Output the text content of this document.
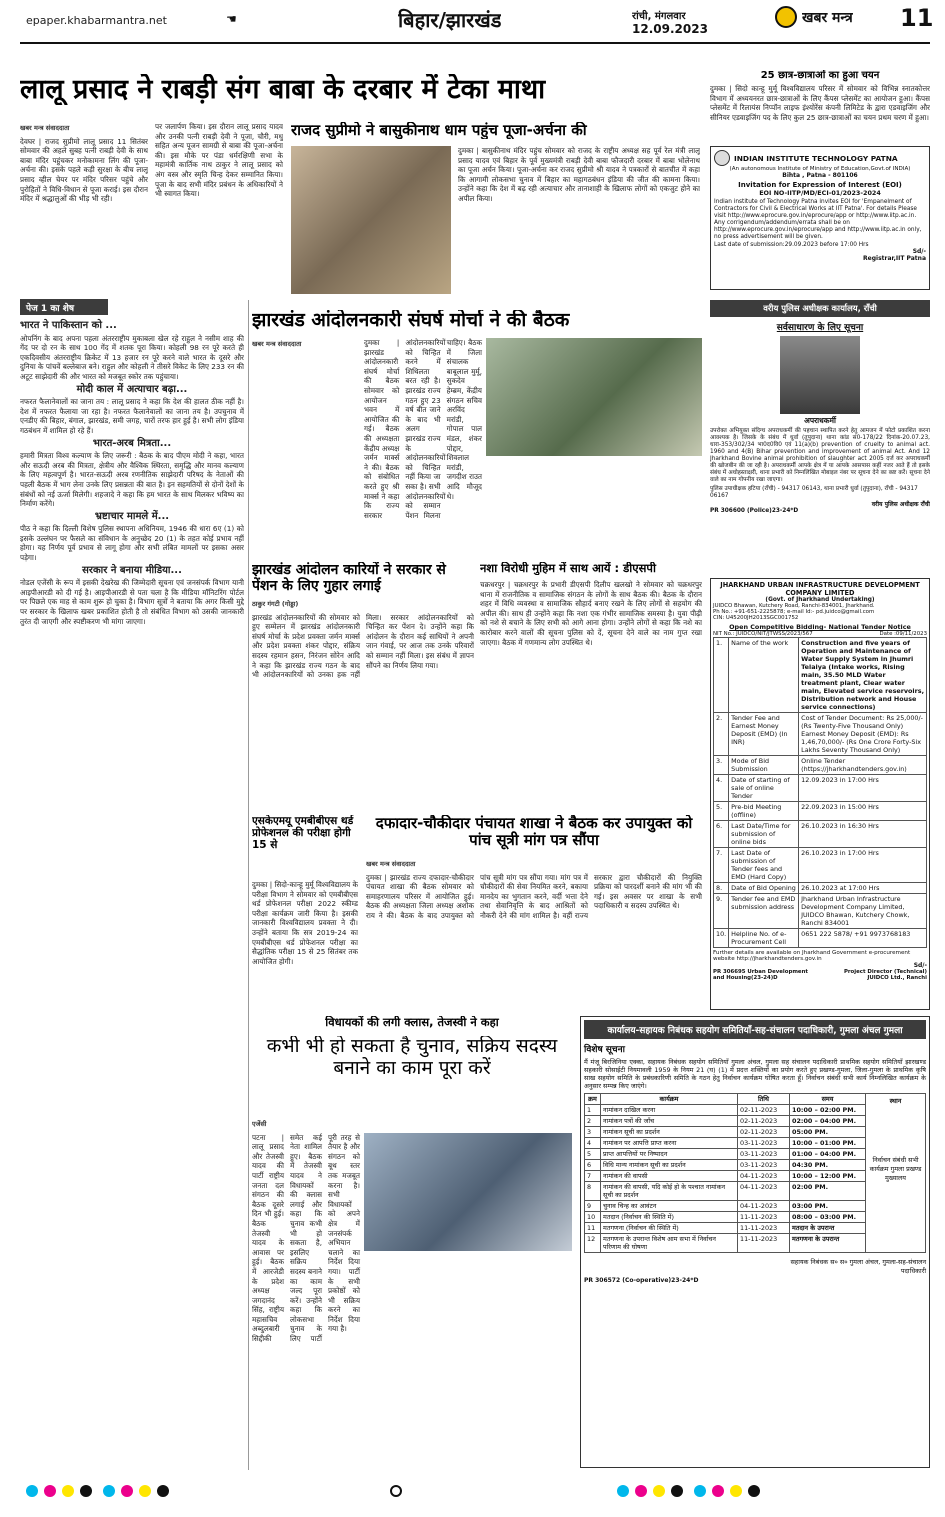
epaper.khabarmantra.net	☚	बिहार/झारखंड	रांची, मंगलवार
12.09.2023
खबर मन्त्र 11
लालू प्रसाद ने राबड़ी संग बाबा के दरबार में टेका माथा
खबर मन्त्र संवाददाता

देवघर | राजद सुप्रीमो लालू प्रसाद 11 सितंबर सोमवार की अहले सुबह पत्नी राबड़ी देवी के साथ बाबा मंदिर पहुंचकर मनोकामना लिंग की पूजा-अर्चना की। इसके पहले कड़ी सुरक्षा के बीच लालू प्रसाद व्हील चेयर पर मंदिर परिसर पहुंचे और पुरोहितों ने विधि-विधान से पूजा कराई। इस दौरान मंदिर में श्रद्धालुओं की भीड़ भी रही।

पर जलार्पण किया। इस दौरान लालू प्रसाद यादव और उनकी पत्नी राबड़ी देवी ने पूजा, चौरी, मधु सहित अन्य पूजन सामग्री से बाबा की पूजा-अर्चना की। इस मौके पर पंडा धर्मरक्षिणी सभा के महामंत्री कार्तिक नाथ ठाकुर ने लालू प्रसाद को अंग वस्त्र और स्मृति चिन्ह देकर सम्मानित किया। पूजा के बाद सभी मंदिर प्रबंधन के अधिकारियों ने भी स्वागत किया।

राजद सुप्रीमो ने बासुकीनाथ धाम पहुंच पूजा-अर्चना की
दुमका | बासुकीनाथ मंदिर पहुंच सोमवार को राजद के राष्ट्रीय अध्यक्ष सह पूर्व रेल मंत्री लालू प्रसाद यादव एवं बिहार के पूर्व मुख्यमंत्री राबड़ी देवी बाबा फौजदारी दरबार में बाबा भोलेनाथ का पूजा अर्चन किया। पूजा-अर्चना कर राजद सुप्रीमो श्री यादव ने पत्रकारों से बातचीत में कहा कि आगामी लोकसभा चुनाव में बिहार का महागठबंधन इंडिया की जीत की कामना किया। उन्होंने कहा कि देश में बढ़ रही अत्याचार और तानाशाही के खिलाफ लोगों को एकजुट होने का अपील किया।
25 छात्र-छात्राओं का हुआ चयन
दुमका | सिदो कान्हू मुर्मू विश्वविद्यालय परिसर में सोमवार को विभिन्न स्नातकोत्तर विभाग में अध्ययनरत छात्र-छात्राओं के लिए कैंपस प्लेसमेंट का आयोजन हुआ। कैंपस प्लेसमेंट में रिलायंस निप्पॉन लाइफ इंश्योरेंस कंपनी लिमिटेड के द्वारा एडवाइजिंग और सीनियर एडवाइजिंग पद के लिए कुल 25 छात्र-छात्राओं का चयन प्रथम चरण में हुआ।
INDIAN INSTITUTE TECHNOLOGY PATNA
(An autonomous Institute of Ministry of Education,Govt.of INDIA)
Bihta , Patna - 801106
Invitation for Expression of Interest (EOI)
EOI NO-IITP/MD/ECI-01/2023-2024
Indian institute of Technology Patna invites EOI for 'Empanelment of Contractors for Civil & Electrical Works at IIT Patna'. For details Please visit http://www.eprocure.gov.in/eprocure/app or http://www.iitp.ac.in. Any corrigendum/addendum/errata shall be on http://www.eprocure.gov.in/eprocure/app and http://www.iitp.ac.in only, no press advertisement will be given.
Last date of submission:29.09.2023 before 17:00 Hrs
Sd/-
Registrar,IIT Patna
पेज 1 का शेष
भारत ने पाकिस्तान को ...

ओपनिंग के बाद अपना पहला अंतरराष्ट्रीय मुकाबला खेल रहे राहुल ने नसीम शाह की गेंद पर दो रन के साथ 100 गेंद में शतक पूरा किया। कोहली 98 रन पूरे करते ही एकदिवसीय अंतरराष्ट्रीय क्रिकेट में 13 हजार रन पूरे करने वाले भारत के दूसरे और दुनिया के पांचवें बल्लेबाज बने। राहुल और कोहली ने तीसरे विकेट के लिए 233 रन की अटूट साझेदारी की और भारत को मजबूत स्कोर तक पहुंचाया।

मोदी काल में अत्याचार बढ़ा...

नफरत फैलानेवालों का जाना तय : लालू प्रसाद ने कहा कि देश की हालत ठीक नहीं है। देश में नफरत फैलाया जा रहा है। नफरत फैलानेवालों का जाना तय है। उपचुनाव में एनडीए की बिहार, बंगाल, झारखंड, समी जगह, चारों तरफ हार हुई है। सभी लोग इंडिया गठबंधन में शामिल हो रहे हैं।

भारत-अरब मित्रता...

हमारी मित्रता विश्व कल्याण के लिए जरूरी : बैठक के बाद पीएम मोदी ने कहा, भारत और सऊदी अरब की मित्रता, क्षेत्रीय और वैश्विक स्थिरता, समृद्धि और मानव कल्याण के लिए महत्वपूर्ण है। भारत-सऊदी अरब रणनीतिक साझेदारी परिषद के नेताओं की पहली बैठक में भाग लेना उनके लिए प्रसन्नता की बात है। इन सहमतियों से दोनों देशों के संबंधों को नई ऊर्जा मिलेगी। शहजादे ने कहा कि हम भारत के साथ मिलकर भविष्य का निर्माण करेंगे।

भ्रष्टाचार मामले में...

पीठ ने कहा कि दिल्ली विशेष पुलिस स्थापना अधिनियम, 1946 की धारा 6ए (1) को इसके उल्लंघन पर फैसले का संविधान के अनुच्छेद 20 (1) के तहत कोई प्रभाव नहीं होगा। यह निर्णय पूर्व प्रभाव से लागू होगा और सभी लंबित मामलों पर इसका असर पड़ेगा।

सरकार ने बनाया मीडिया...

नोडल एजेंसी के रूप में इसकी देखरेख की जिम्मेदारी सूचना एवं जनसंपर्क विभाग यानी आइपीआरडी को दी गई है। आइपीआरडी से पता चला है कि मीडिया मॉनिटरिंग पोर्टल पर पिछले एक माह से काम शुरू हो चुका है। विभाग सूत्रों ने बताया कि अगर किसी मुद्दे पर सरकार के खिलाफ खबर प्रकाशित होती है तो संबंधित विभाग को उसकी जानकारी तुरंत दी जाएगी और स्पष्टीकरण भी मांगा जाएगा।

झारखंड आंदोलनकारी संघर्ष मोर्चा ने की बैठक
खबर मन्त्र संवाददाता	दुमका | झारखंड आंदोलनकारी संघर्ष मोर्चा की बैठक सोमवार को आयोजन भवन में आयोजित की गई। बैठक की अध्यक्षता केंद्रीय अध्यक्ष जर्मन मार्क्स ने की। बैठक को संबोधित करते हुए श्री मार्क्स ने कहा कि राज्य सरकार आंदोलनकारियों को चिन्हित करने में शिथिलता बरत रही है। झारखंड राज्य गठन हुए 23 वर्ष बीत जाने के बाद भी अलग झारखंड राज्य के आंदोलनकारियों को चिन्हित नहीं किया जा सका है। सभी आंदोलनकारियों को सम्मान पेंशन मिलना चाहिए। बैठक में जिला संचालक बाबूलाल मुर्मू, सुकदेव हेम्ब्रम, केंद्रीय संगठन सचिव अरविंद मरांडी, गोपाल पाल मंडल, शंकर पोद्दार, शिवलाल मरांडी, जगदीश राउत आदि मौजूद थे।

झारखंड आंदोलन कारियों ने सरकार से पेंशन के लिए गुहार लगाई
ठाकुर गंगटी (गोड्डा)

झारखंड आंदोलनकारियों की सोमवार को हुए सम्मेलन में झारखंड आंदोलनकारी संघर्ष मोर्चा के प्रदेश प्रवक्ता जर्मन मार्क्स और प्रदेश प्रवक्ता शंकर पोद्दार, संक्रिय सदस्य रहमान हसन, निरंजन सोरेन आदि ने कहा कि झारखंड राज्य गठन के बाद भी आंदोलनकारियों को उनका हक नहीं मिला। सरकार आंदोलनकारियों को चिन्हित कर पेंशन दे। उन्होंने कहा कि आंदोलन के दौरान कई साथियों ने अपनी जान गंवाई, पर आज तक उनके परिवारों को सम्मान नहीं मिला। इस संबंध में ज्ञापन सौंपने का निर्णय लिया गया।

नशा विरोधी मुहिम में साथ आयें : डीएसपी
चक्रधरपुर | चक्रधरपुर के प्रभारी डीएसपी दिलीप खलखो ने सोमवार को चक्रधरपुर थाना में राजनीतिक व सामाजिक संगठन के लोगों के साथ बैठक की। बैठक के दौरान शहर में विधि व्यवस्था व सामाजिक सौहार्द बनाए रखने के लिए लोगों से सहयोग की अपील की। साथ ही उन्होंने कहा कि नशा एक गंभीर सामाजिक समस्या है। युवा पीढ़ी को नशे से बचाने के लिए सभी को आगे आना होगा। उन्होंने लोगों से कहा कि नशे का कारोबार करने वालों की सूचना पुलिस को दें, सूचना देने वाले का नाम गुप्त रखा जाएगा। बैठक में गणमान्य लोग उपस्थित थे।
एसकेएमयू एमबीबीएस थर्ड प्रोफेशनल की परीक्षा होगी 15 से
दुमका | सिदो-कान्हू मुर्मू विश्वविद्यालय के परीक्षा विभाग ने सोमवार को एमबीबीएस थर्ड प्रोफेशनल परीक्षा 2022 स्कीम्ड परीक्षा कार्यक्रम जारी किया है। इसकी जानकारी विश्वविद्यालय प्रवक्ता ने दी। उन्होंने बताया कि सत्र 2019-24 का एमबीबीएस थर्ड प्रोफेशनल परीक्षा का सैद्धांतिक परीक्षा 15 से 25 सितंबर तक आयोजित होगी।
दफादार-चौकीदार पंचायत शाखा ने बैठक कर उपायुक्त को पांच सूत्री मांग पत्र सौंपा
खबर मन्त्र संवाददाता

दुमका | झारखंड राज्य दफादार-चौकीदार पंचायत शाखा की बैठक सोमवार को समाहरणालय परिसर में आयोजित हुई। बैठक की अध्यक्षता जिला अध्यक्ष अशोक राय ने की। बैठक के बाद उपायुक्त को पांच सूत्री मांग पत्र सौंपा गया। मांग पत्र में चौकीदारों की सेवा नियमित करने, बकाया मानदेय का भुगतान करने, वर्दी भत्ता देने तथा सेवानिवृत्ति के बाद आश्रितों को नौकरी देने की मांग शामिल है। वहीं राज्य सरकार द्वारा चौकीदारों की नियुक्ति प्रक्रिया को पारदर्शी बनाने की मांग भी की गई। इस अवसर पर शाखा के सभी पदाधिकारी व सदस्य उपस्थित थे।

विधायकों की लगी क्लास, तेजस्वी ने कहा
कभी भी हो सकता है चुनाव, सक्रिय सदस्य बनाने का काम पूरा करें
एजेंसी

पटना | लालू प्रसाद और तेजस्वी यादव की पार्टी राष्ट्रीय जनता दल संगठन की बैठक दूसरे दिन भी हुई। बैठक तेजस्वी यादव के आवास पर हुई। बैठक में आरजेडी के प्रदेश अध्यक्ष जगदानंद सिंह, राष्ट्रीय महासचिव अब्दुलबारी सिद्दीकी समेत कई नेता शामिल हुए। बैठक में तेजस्वी यादव ने विधायकों की क्लास लगाई और कहा कि चुनाव कभी भी हो सकता है, इसलिए सक्रिय सदस्य बनाने का काम जल्द पूरा करें। उन्होंने कहा कि लोकसभा चुनाव के लिए पार्टी पूरी तरह से तैयार है और संगठन को बूथ स्तर तक मजबूत करना है। सभी विधायकों को अपने क्षेत्र में जनसंपर्क अभियान चलाने का निर्देश दिया गया। पार्टी के सभी प्रकोष्ठों को भी सक्रिय करने का निर्देश दिया गया है।

वरीय पुलिस अधीक्षक कार्यालय, राँची
सर्वसाधारण के लिए सूचना
अपराधकर्मी
उपरोक्त अभियुक्त संदिग्ध अपराधकर्मी की पहचान स्थापित करने हेतु आमजन में फोटो प्रकाशित करना आवश्यक है। जिसके के संबंध में धुर्वा (तुपुदाना) थाना कांड सं0-178/22 दिनांक-20.07.23, धारा-353/302/34 भा0द0वि0 एवं 11(a)(b) prevention of cruelty to animal act. 1960 and 4(B) Bihar prevention and improvement of animal Act. And 12 Jharkhand Bovine animal prohibition of slaughter act 2005 दर्ज कर अपराधकर्मी की खोजबीन की जा रही है। अपराधकर्मी आपके क्षेत्र में या आपके आसपास कहीं नजर आते हैं तो इसके संबंध में अधोहस्ताक्षरी, थाना प्रभारी को निम्नलिखित मोबाइल नंबर पर सूचना देने का कष्ट करें। सूचना देने वाले का नाम गोपनीय रखा जाएगा।
पुलिस उपाधीक्षक हटिया (राँची) - 94317 06143, थाना प्रभारी धुर्वा (तुपुदाना), राँची - 94317 06167
वरीय पुलिस अधीक्षक राँची
PR 306600 (Police)23-24*D
JHARKHAND URBAN INFRASTRUCTURE DEVELOPMENT COMPANY LIMITED
(Govt. of Jharkhand Undertaking)
JUIDCO Bhawan, Kutchery Road, Ranchi-834001, Jharkhand.
Ph No.: +91-651-2225878; e-mail Id:- pd.juidco@gmail.com
CIN: U45200JH2013SGC001752
Open Competitive Bidding- National Tender Notice
NIT No.: JUIDCO/NIT/JTWSS/2023/567	Date :09/11/2023
1.	Name of the work	Construction and five years of Operation and Maintenance of Water Supply System in Jhumri Telaiya (Intake works, Rising main, 35.50 MLD Water treatment plant, Clear water main, Elevated service reservoirs, Distribution network and House service connections)
2.	Tender Fee and Earnest Money Deposit (EMD) (In INR)	Cost of Tender Document: Rs 25,000/- (Rs Twenty-Five Thousand Only) Earnest Money Deposit (EMD): Rs 1,46,70,000/- (Rs One Crore Forty-Six Lakhs Seventy Thousand Only)
3.	Mode of Bid Submission	Online Tender (https://jharkhandtenders.gov.in)
4.	Date of starting of sale of online Tender	12.09.2023 in 17:00 Hrs
5.	Pre-bid Meeting (offline)	22.09.2023 in 15:00 Hrs
6.	Last Date/Time for submission of online bids	26.10.2023 in 16:30 Hrs
7.	Last Date of submission of Tender fees and EMD (Hard Copy)	26.10.2023 in 17:00 Hrs
8.	Date of Bid Opening	26.10.2023 at 17:00 Hrs
9.	Tender fee and EMD submission address	Jharkhand Urban Infrastructure Development Company Limited, JUIDCO Bhawan, Kutchery Chowk, Ranchi 834001
10.	Helpline No. of e-Procurement Cell	0651 222 5878/ +91 9973768183
Further details are available on Jharkhand Government e-procurement website http://jharkhandtenders.gov.in
Sd/-
PR 306695 Urban Development and Housing(23-24)D
Project Director (Technical) JUIDCO Ltd., Ranchi
कार्यालय-सहायक निबंधक सहयोग समितियाँ-सह-संचालन पदाधिकारी, गुमला अंचल गुमला
विशेष सूचना
मैं मंजू बिरजिनिया एक्का, सहायक निबंधक सहयोग समितियाँ गुमला अंचल, गुमला सह संचालन पदाधिकारी प्राथमिक सहयोग समितियाँ झारखण्ड सहकारी सोसाईटी नियमावली 1959 के नियम 21 (घ) (1) में प्रदत्त शक्तियों का प्रयोग करते हुए प्रखण्ड-गुमला, जिला-गुमला के प्राथमिक कृषि साख सहयोग समिति के प्रबंधकारिणी समिति के गठन हेतु निर्वाचन कार्यक्रम घोषित करता हूँ। निर्वाचन संबंधी सभी कार्य निम्नलिखित कार्यक्रम के अनुसार सम्पन्न किए जाएंगे।
क्रम	कार्यक्रम	तिथि	समय
1	नामांकन दाखिल करना	02-11-2023	10:00 – 02:00 PM.
2	नामांकन पत्रों की जाँच	02-11-2023	02:00 – 04:00 PM.
3	नामांकन सूची का प्रदर्शन	02-11-2023	05:00 PM.
4	नामांकन पर आपत्ति प्राप्त करना	03-11-2023	10:00 – 01:00 PM.
5	प्राप्त आपत्तियों पर निष्पादन	03-11-2023	01:00 – 04:00 PM.
6	विधि मान्य नामांकन सूची का प्रदर्शन	03-11-2023	04:30 PM.
7	नामांकन की वापसी	04-11-2023	10:00 – 12:00 PM.
8	नामांकन की वापसी, यदि कोई हो के पश्चात नामांकन सूची का प्रदर्शन	04-11-2023	02:00 PM.
9	चुनाव चिन्ह का आवंटन	04-11-2023	03:00 PM.
10	मतदान (निर्वाचन की स्थिति में)	11-11-2023	08:00 – 03:00 PM.
11	मतगणना (निर्वाचन की स्थिति में)	11-11-2023	मतदान के उपरान्त
12	मतगणना के उपरान्त विशेष आम सभा में निर्वाचन परिणाम की घोषणा	11-11-2023	मतगणना के उपरान्त
स्थान
निर्वाचन संबंधी सभी कार्यक्रम गुमला प्रखण्ड मुख्यालय
सहायक निबंधक स० स० गुमला अंचल, गुमला-सह-संचालन पदाधिकारी
PR 306572 (Co-operative)23-24*D
